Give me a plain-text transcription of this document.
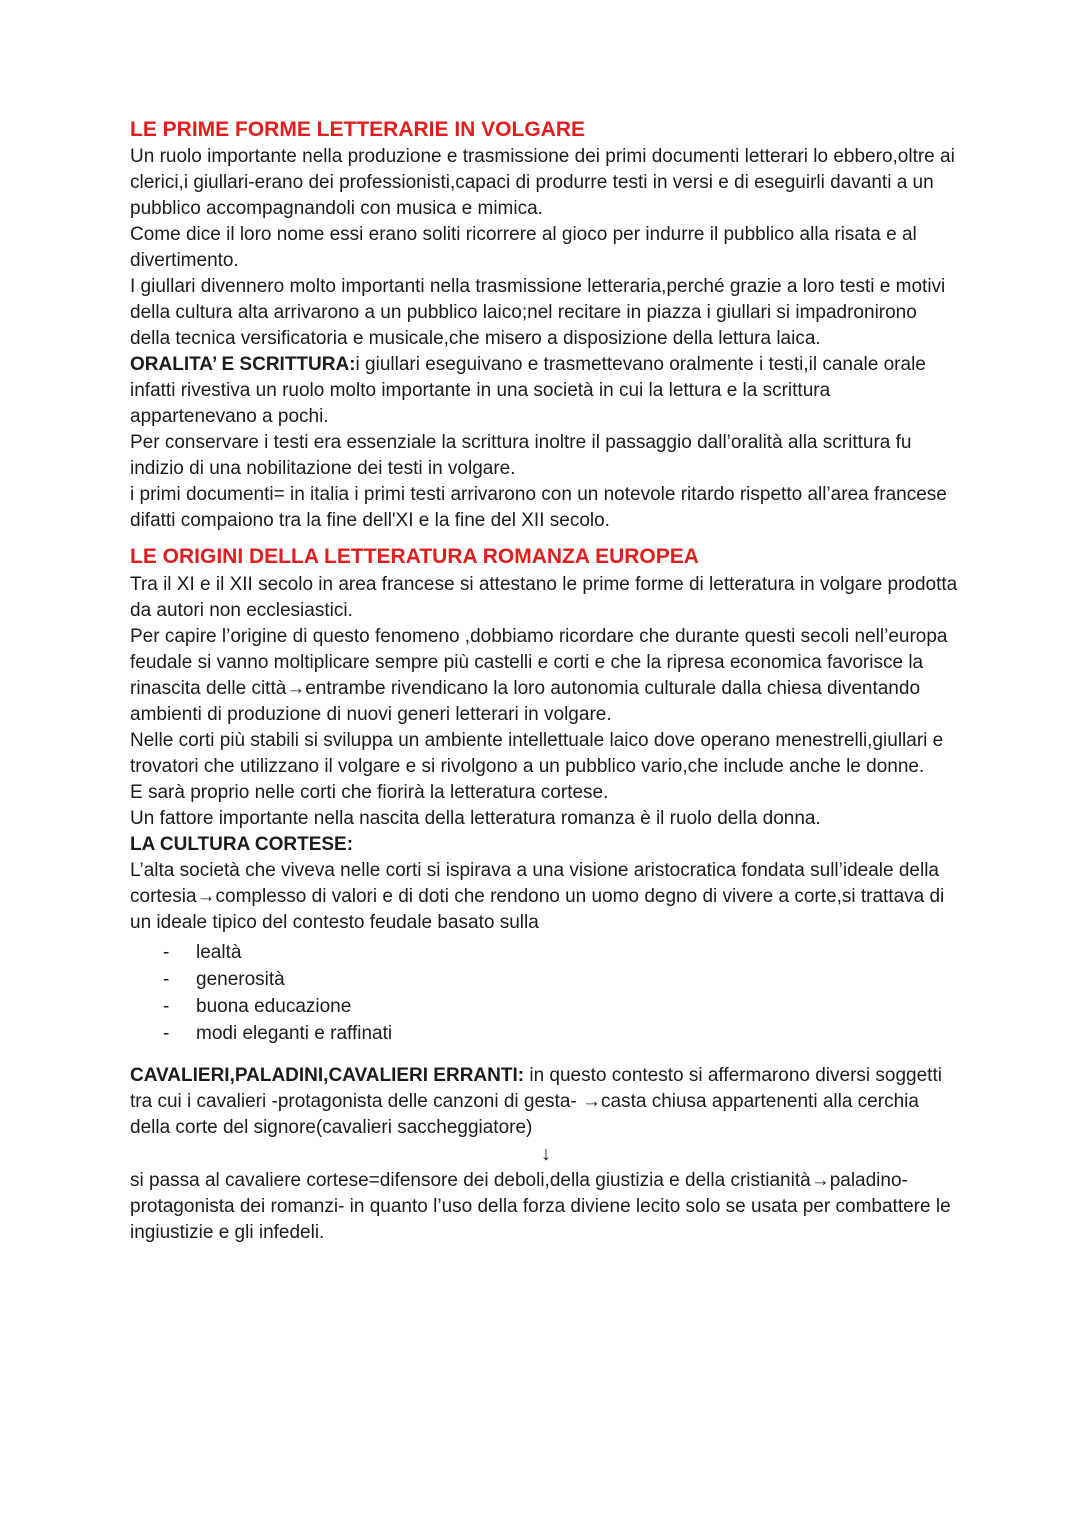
LE PRIME FORME LETTERARIE IN VOLGARE

Un ruolo importante nella produzione e trasmissione dei primi documenti letterari lo ebbero,oltre ai clerici,i giullari-erano dei professionisti,capaci di produrre testi in versi e di eseguirli davanti a un pubblico accompagnandoli con musica e mimica.

Come dice il loro nome essi erano soliti ricorrere al gioco per indurre il pubblico alla risata e al divertimento.

I giullari divennero molto importanti nella trasmissione letteraria,perché grazie a loro testi e motivi della cultura alta arrivarono a un pubblico laico;nel recitare in piazza i giullari si impadronirono della tecnica versificatoria e musicale,che misero a disposizione della lettura laica.

ORALITA’ E SCRITTURA:i giullari eseguivano e trasmettevano oralmente i testi,il canale orale

infatti rivestiva un ruolo molto importante in una società in cui la lettura e la scrittura appartenevano a pochi.

Per conservare i testi era essenziale la scrittura inoltre il passaggio dall’oralità alla scrittura fu indizio di una nobilitazione dei testi in volgare.

i primi documenti= in italia i primi testi arrivarono con un notevole ritardo rispetto all’area francese difatti compaiono tra la fine dell'XI e la fine del XII secolo.

LE ORIGINI DELLA LETTERATURA ROMANZA EUROPEA

Tra il XI e il XII secolo in area francese si attestano le prime forme di letteratura in volgare prodotta da autori non ecclesiastici.

Per capire l’origine di questo fenomeno ,dobbiamo ricordare che durante questi secoli nell’europa feudale si vanno moltiplicare sempre più castelli e corti e che la ripresa economica favorisce la rinascita delle città→entrambe rivendicano la loro autonomia culturale dalla chiesa diventando ambienti di produzione di nuovi generi letterari in volgare.

Nelle corti più stabili si sviluppa un ambiente intellettuale laico dove operano menestrelli,giullari e trovatori che utilizzano il volgare e si rivolgono a un pubblico vario,che include anche le donne.

E sarà proprio nelle corti che fiorirà la letteratura cortese.

Un fattore importante nella nascita della letteratura romanza è il ruolo della donna.

LA CULTURA CORTESE:

L’alta società che viveva nelle corti si ispirava a una visione aristocratica fondata sull’ideale della cortesia→complesso di valori e di doti che rendono un uomo degno di vivere a corte,si trattava di un ideale tipico del contesto feudale basato sulla

- lealtà
- generosità
- buona educazione
- modi eleganti e raffinati

CAVALIERI,PALADINI,CAVALIERI ERRANTI: in questo contesto si affermarono diversi soggetti tra cui i cavalieri -protagonista delle canzoni di gesta- →casta chiusa appartenenti alla cerchia della corte del signore(cavalieri saccheggiatore)

↓

si passa al cavaliere cortese=difensore dei deboli,della giustizia e della cristianità→paladino-protagonista dei romanzi- in quanto l’uso della forza diviene lecito solo se usata per combattere le ingiustizie e gli infedeli.
